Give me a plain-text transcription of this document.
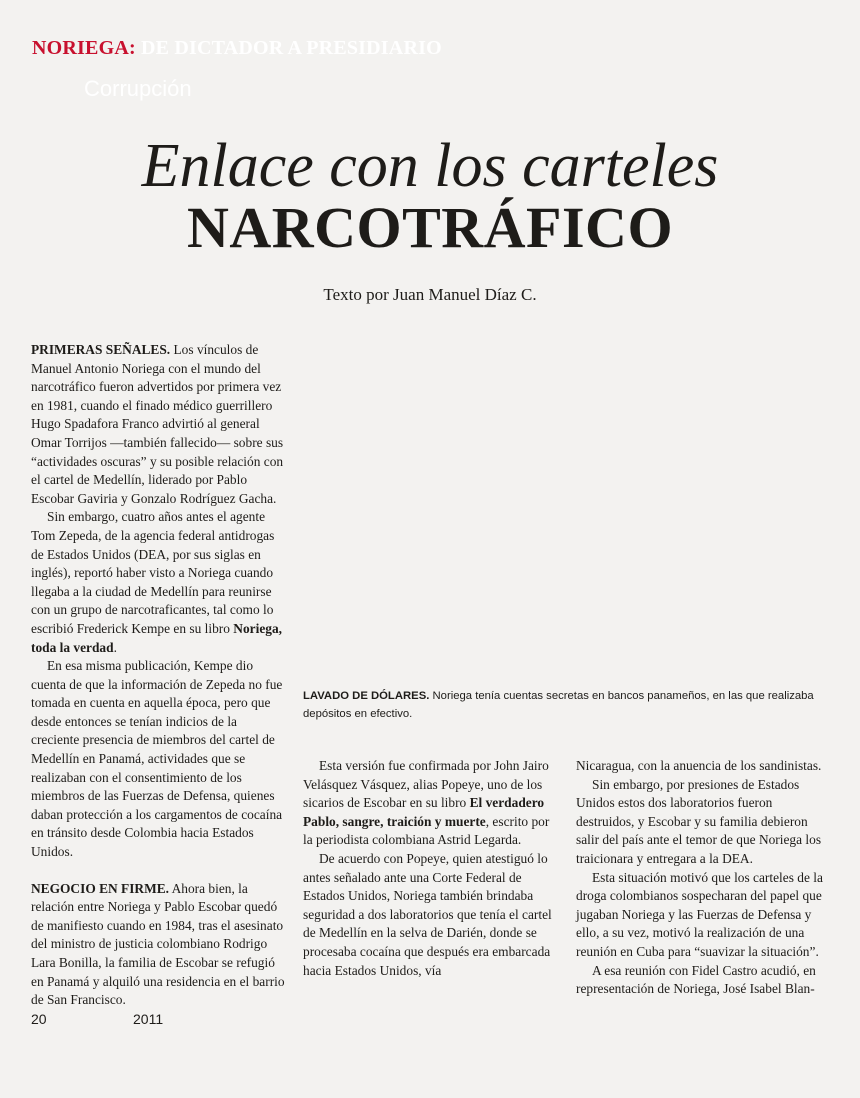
NORIEGA: DE DICTADOR A PRESIDIARIO
Corrupción
Enlace con los carteles
NARCOTRÁFICO
Texto por Juan Manuel Díaz C.

PRIMERAS SEÑALES. Los vínculos de Manuel Antonio Noriega con el mundo del narcotráfico fueron advertidos por primera vez en 1981, cuando el finado médico guerrillero Hugo Spadafora Franco advirtió al general Omar Torrijos —también fallecido— sobre sus “actividades oscuras” y su posible relación con el cartel de Medellín, liderado por Pablo Escobar Gaviria y Gonzalo Rodríguez Gacha.

Sin embargo, cuatro años antes el agente Tom Zepeda, de la agencia federal antidrogas de Estados Unidos (DEA, por sus siglas en inglés), reportó haber visto a Noriega cuando llegaba a la ciudad de Medellín para reunirse con un grupo de narcotraficantes, tal como lo escribió Frederick Kempe en su libro Noriega, toda la verdad.

En esa misma publicación, Kempe dio cuenta de que la información de Zepeda no fue tomada en cuenta en aquella época, pero que desde entonces se tenían indicios de la creciente presencia de miembros del cartel de Medellín en Panamá, actividades que se realizaban con el consentimiento de los miembros de las Fuerzas de Defensa, quienes daban protección a los cargamentos de cocaína en tránsito desde Colombia hacia Estados Unidos.

NEGOCIO EN FIRME. Ahora bien, la relación entre Noriega y Pablo Escobar quedó de manifiesto cuando en 1984, tras el asesinato del ministro de justicia colombiano Rodrigo Lara Bonilla, la familia de Escobar se refugió en Panamá y alquiló una residencia en el barrio de San Francisco.

LAVADO DE DÓLARES. Noriega tenía cuentas secretas en bancos panameños, en las que realizaba depósitos en efectivo.

Esta versión fue confirmada por John Jairo Velásquez Vásquez, alias Popeye, uno de los sicarios de Escobar en su libro El verdadero Pablo, sangre, traición y muerte, escrito por la periodista colombiana Astrid Legarda.

De acuerdo con Popeye, quien atestiguó lo antes señalado ante una Corte Federal de Estados Unidos, Noriega también brindaba seguridad a dos laboratorios que tenía el cartel de Medellín en la selva de Darién, donde se procesaba cocaína que después era embarcada hacia Estados Unidos, vía

Nicaragua, con la anuencia de los sandinistas.

Sin embargo, por presiones de Estados Unidos estos dos laboratorios fueron destruidos, y Escobar y su familia debieron salir del país ante el temor de que Noriega los traicionara y entregara a la DEA.

Esta situación motivó que los carteles de la droga colombianos sospecharan del papel que jugaban Noriega y las Fuerzas de Defensa y ello, a su vez, motivó la realización de una reunión en Cuba para “suavizar la situación”.

A esa reunión con Fidel Castro acudió, en representación de Noriega, José Isabel Blan-

20	2011
